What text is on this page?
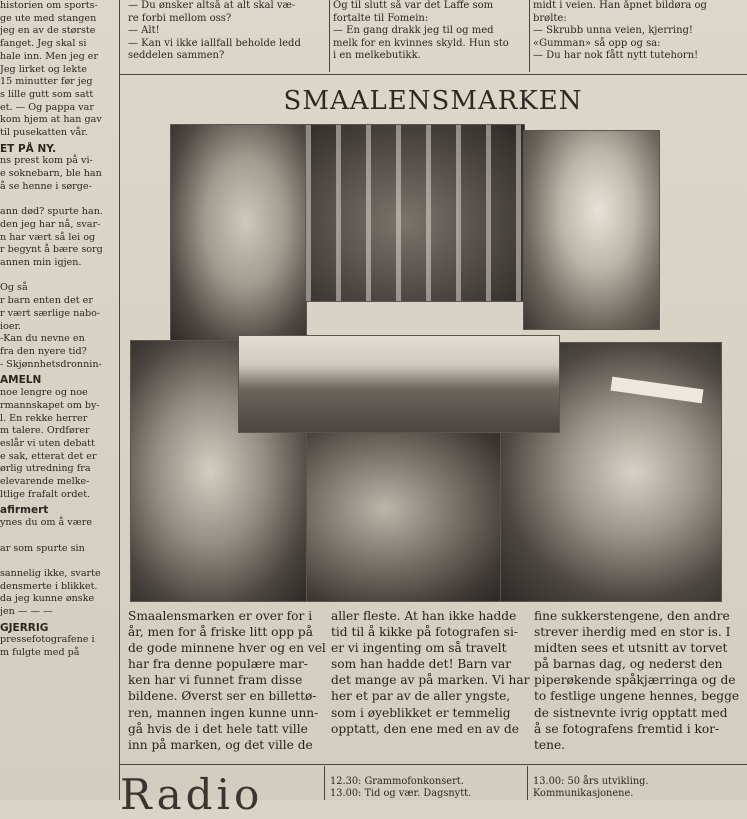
historien om sports-
ge ute med stangen
jeg en av de største
fanget. Jeg skal si
hale inn. Men jeg er
Jeg lirket og lekte
15 minutter før jeg
s lille gutt som satt
et. — Og pappa var
kom hjem at han gav
til pusekatten vår.
ET PÅ NY.
ns prest kom på vi-
e soknebarn, ble han
å se henne i sørge-

ann død? spurte han.
den jeg har nå, svar-
n har vært så lei og
r begynt å bære sorg
annen min igjen.

Og så
r barn enten det er
r vært særlige nabo-
ioer.
-Kan du nevne en
fra den nyere tid?
- Skjønnhetsdronnin-
AMELN
noe lengre og noe
rmannskapet om by-
l. En rekke herrer
m talere. Ordfører
eslår vi uten debatt
e sak, etterat det er
ørlig utredning fra
elevarende melke-
ltlige frafalt ordet.
afirmert
ynes du om å være

ar som spurte sin

sannelig ikke, svarte
densmerte i blikket.
da jeg kunne ønske
jen — — —
GJERRIG
pressefotografene i
m fulgte med på
— Du ønsker altså at alt skal væ-
re forbi mellom oss?
— Alt!
— Kan vi ikke iallfall beholde ledd
seddelen sammen?
Og til slutt så var det Laffe som
fortalte til Fomein:
— En gang drakk jeg til og med
melk for en kvinnes skyld. Hun sto
i en melkebutikk.
midt i veien. Han åpnet bildøra og
brølte:
— Skrubb unna veien, kjerring!
«Gumman» så opp og sa:
— Du har nok fått nytt tutehorn!
SMAALENSMARKEN
Smaalensmarken er over for i
år, men for å friske litt opp på
de gode minnene hver og en vel
har fra denne populære mar-
ken har vi funnet fram disse
bildene. Øverst ser en billettø-
ren, mannen ingen kunne unn-
gå hvis de i det hele tatt ville
inn på marken, og det ville de
aller fleste. At han ikke hadde
tid til å kikke på fotografen si-
er vi ingenting om så travelt
som han hadde det! Barn var
det mange av på marken. Vi har
her et par av de aller yngste,
som i øyeblikket er temmelig
opptatt, den ene med en av de
fine sukkerstengene, den andre
strever iherdig med en stor is. I
midten sees et utsnitt av torvet
på barnas dag, og nederst den
piperøkende spåkjærringa og de
to festlige ungene hennes, begge
de sistnevnte ivrig opptatt med
å se fotografens fremtid i kor-
tene.
Radio	12.30: Grammofonkonsert.
13.00: Tid og vær. Dagsnytt.
13.00: 50 års utvikling.
Kommunikasjonene.
